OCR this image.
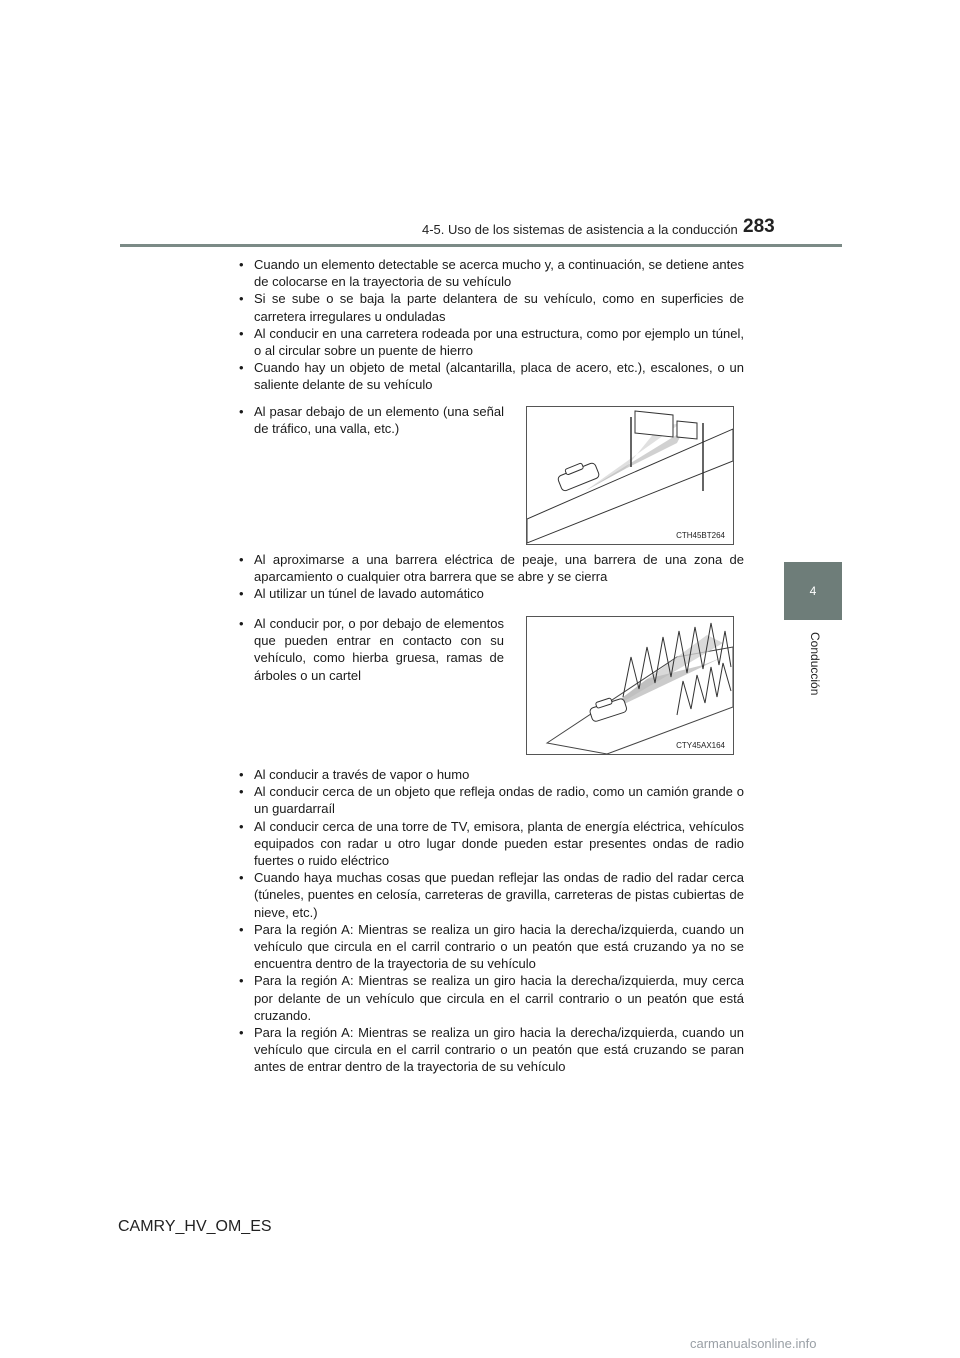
4-5. Uso de los sistemas de asistencia a la conducción 283
4
Conducción
• Cuando un elemento detectable se acerca mucho y, a continuación, se detiene antes de colocarse en la trayectoria de su vehículo
• Si se sube o se baja la parte delantera de su vehículo, como en superficies de carretera irregulares u onduladas
• Al conducir en una carretera rodeada por una estructura, como por ejemplo un túnel, o al circular sobre un puente de hierro
• Cuando hay un objeto de metal (alcantarilla, placa de acero, etc.), escalones, o un saliente delante de su vehículo
• Al pasar debajo de un elemento (una señal de tráfico, una valla, etc.)
CTH45BT264
• Al aproximarse a una barrera eléctrica de peaje, una barrera de una zona de aparcamiento o cualquier otra barrera que se abre y se cierra
• Al utilizar un túnel de lavado automático
• Al conducir por, o por debajo de elementos que pueden entrar en contacto con su vehículo, como hierba gruesa, ramas de árboles o un cartel
CTY45AX164
• Al conducir a través de vapor o humo
• Al conducir cerca de un objeto que refleja ondas de radio, como un camión grande o un guardarraíl
• Al conducir cerca de una torre de TV, emisora, planta de energía eléctrica, vehículos equipados con radar u otro lugar donde pueden estar presentes ondas de radio fuertes o ruido eléctrico
• Cuando haya muchas cosas que puedan reflejar las ondas de radio del radar cerca (túneles, puentes en celosía, carreteras de gravilla, carreteras de pistas cubiertas de nieve, etc.)
• Para la región A: Mientras se realiza un giro hacia la derecha/izquierda, cuando un vehículo que circula en el carril contrario o un peatón que está cruzando ya no se encuentra dentro de la trayectoria de su vehículo
• Para la región A: Mientras se realiza un giro hacia la derecha/izquierda, muy cerca por delante de un vehículo que circula en el carril contrario o un peatón que está cruzando.
• Para la región A: Mientras se realiza un giro hacia la derecha/izquierda, cuando un vehículo que circula en el carril contrario o un peatón que está cruzando se paran antes de entrar dentro de la trayectoria de su vehículo
CAMRY_HV_OM_ES
carmanualsonline.info
